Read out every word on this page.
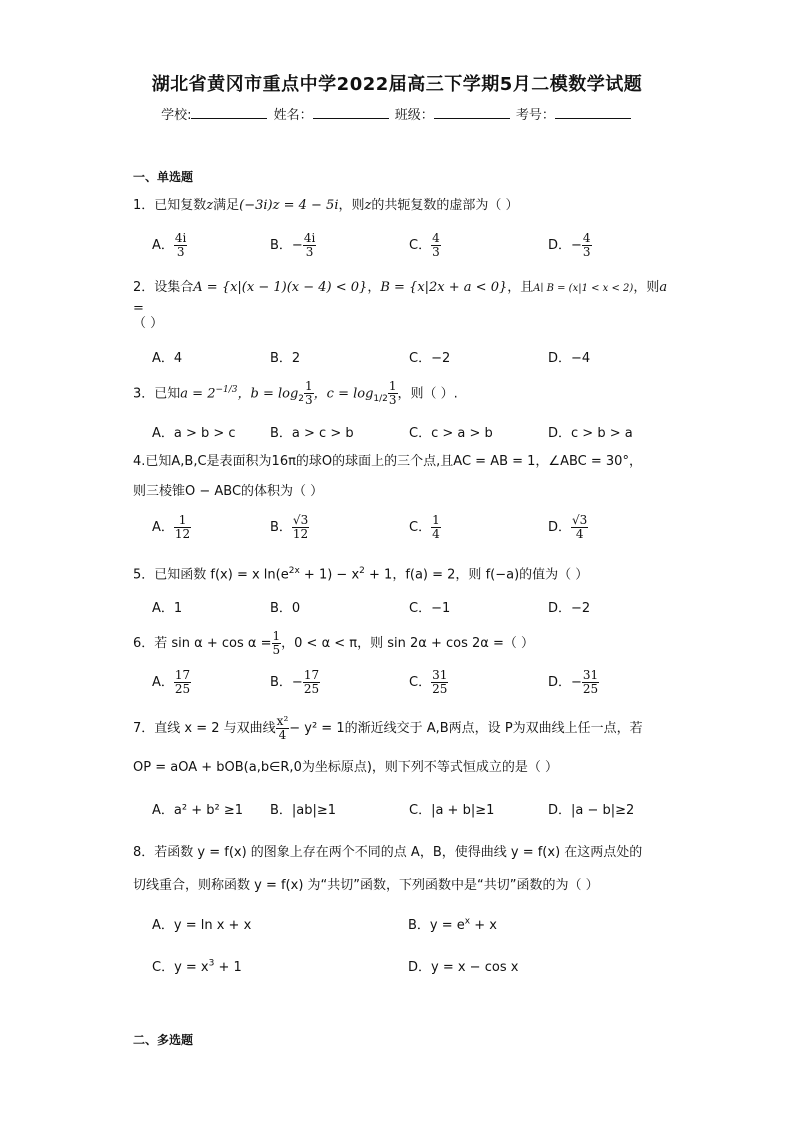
湖北省黄冈市重点中学2022届高三下学期5月二模数学试题
学校:	姓名：	班级：	考号：
一、单选题
1．已知复数z满足(−3i)z = 4 − 5i，则z的共轭复数的虚部为（ ）
A． $\frac{4i}{3}$	B．− $\frac{4i}{3}$	C． $\frac{4}{3}$	D．− $\frac{4}{3}$
2．设集合A = {x|(x − 1)(x − 4) < 0}，B = {x|2x + a < 0}，且A∣ B = (x|1 < x < 2)，则a =
（ ）
A．4	B．2	C．−2	D．−4
3．已知$a = 2^{-1/3}$，$b = \log_2 \frac{1}{3}$ ，$c = \log_{1/2} \frac{1}{3}$ ，则（ ）.
A．a > b > c	B．a > c > b	C．c > a > b	D．c > b > a
4.已知A,B,C是表面积为16π的球O的球面上的三个点,且AC = AB = 1，∠ABC = 30°，
则三棱锥O − ABC的体积为（ ）
A． $\frac{1}{12}$	B． $\frac{√3}{12}$	C． $\frac{1}{4}$	D． $\frac{√3}{4}$
5．已知函数 f(x) = x $\ln(e^{2x} + 1) - x^2 + 1$，f(a) = 2，则 f(−a)的值为（ ）
A．1	B．0	C．−1	D．−2
6．若 $\sin \alpha + \cos \alpha = \frac{1}{5}$ ，0 < α < π，则 sin 2α + cos 2α =（ ）
A． $\frac{17}{25}$	B．− $\frac{17}{25}$	C． $\frac{31}{25}$	D．− $\frac{31}{25}$
7．直线 x = 2 与双曲线 $\frac{\text{x²}}{4} - y^2 = 1$的渐近线交于 A,B两点，设 P为双曲线上任一点，若
OP = aOA + bOB(a,b∈R,0为坐标原点)，则下列不等式恒成立的是（ ）
A．a² + b² ≥1 B．|ab|≥1	C．|a + b|≥1	D．|a − b|≥2
8．若函数 y = f(x) 的图象上存在两个不同的点 A，B，使得曲线 y = f(x) 在这两点处的
切线重合，则称函数 y = f(x) 为“共切”函数，下列函数中是“共切”函数的为（ ）
A．y = ln x + x	B．$y = e^x + x$
C．$y = x^3 + 1$	D．y = x − cos x
二、多选题
